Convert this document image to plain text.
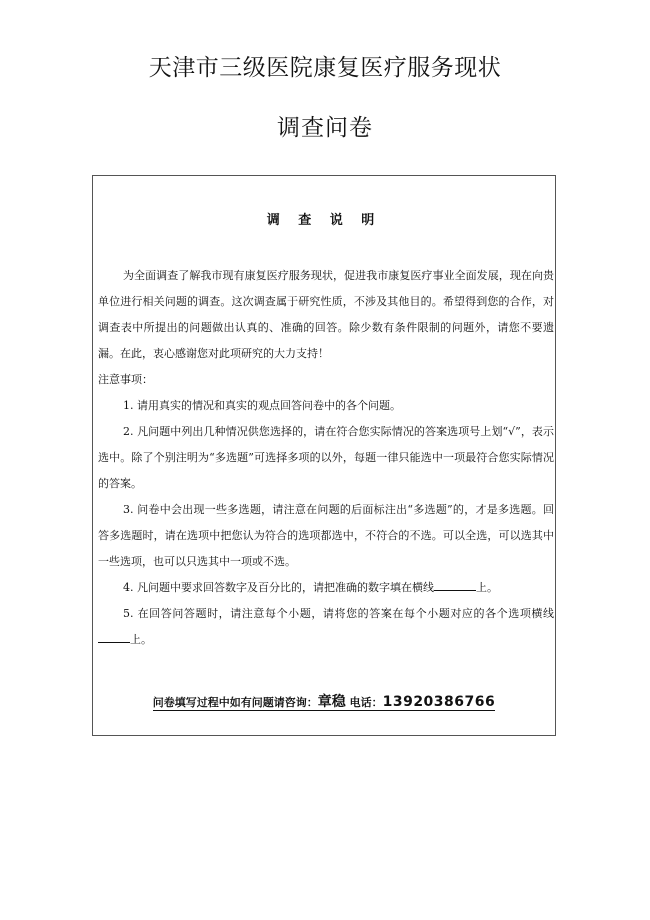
天津市三级医院康复医疗服务现状
调查问卷
调 查 说 明

为全面调查了解我市现有康复医疗服务现状，促进我市康复医疗事业全面发展，现在向贵单位进行相关问题的调查。这次调查属于研究性质，不涉及其他目的。希望得到您的合作，对调查表中所提出的问题做出认真的、准确的回答。除少数有条件限制的问题外，请您不要遗漏。在此，衷心感谢您对此项研究的大力支持！

注意事项：

1. 请用真实的情况和真实的观点回答问卷中的各个问题。

2. 凡问题中列出几种情况供您选择的，请在符合您实际情况的答案选项号上划“√”，表示选中。除了个别注明为“多选题”可选择多项的以外，每题一律只能选中一项最符合您实际情况的答案。

3. 问卷中会出现一些多选题，请注意在问题的后面标注出“多选题”的，才是多选题。回答多选题时，请在选项中把您认为符合的选项都选中，不符合的不选。可以全选，可以选其中一些选项，也可以只选其中一项或不选。

4. 凡问题中要求回答数字及百分比的，请把准确的数字填在横线	上。

5. 在回答问答题时，请注意每个小题，请将您的答案在每个小题对应的各个选项横线上。

问卷填写过程中如有问题请咨询：章稳 电话：13920386766
